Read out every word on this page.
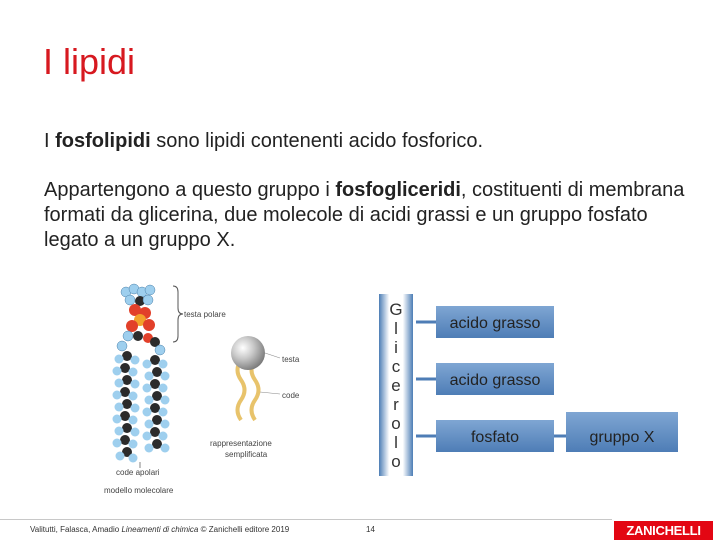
I lipidi
I fosfolipidi sono lipidi contenenti acido fosforico.
Appartengono a questo gruppo i fosfogliceridi, costituenti di membrana formati da glicerina, due molecole di acidi grassi e un gruppo fosfato legato a un gruppo X.
testa polare
code apolari
modello molecolare
testa
code
rappresentazione
semplificata
G
l
i
c
e
r
o
l
o
acido grasso
acido grasso
fosfato	gruppo X
Valitutti, Falasca, Amadio Lineamenti di chimica © Zanichelli editore 2019	14	ZANICHELLI
